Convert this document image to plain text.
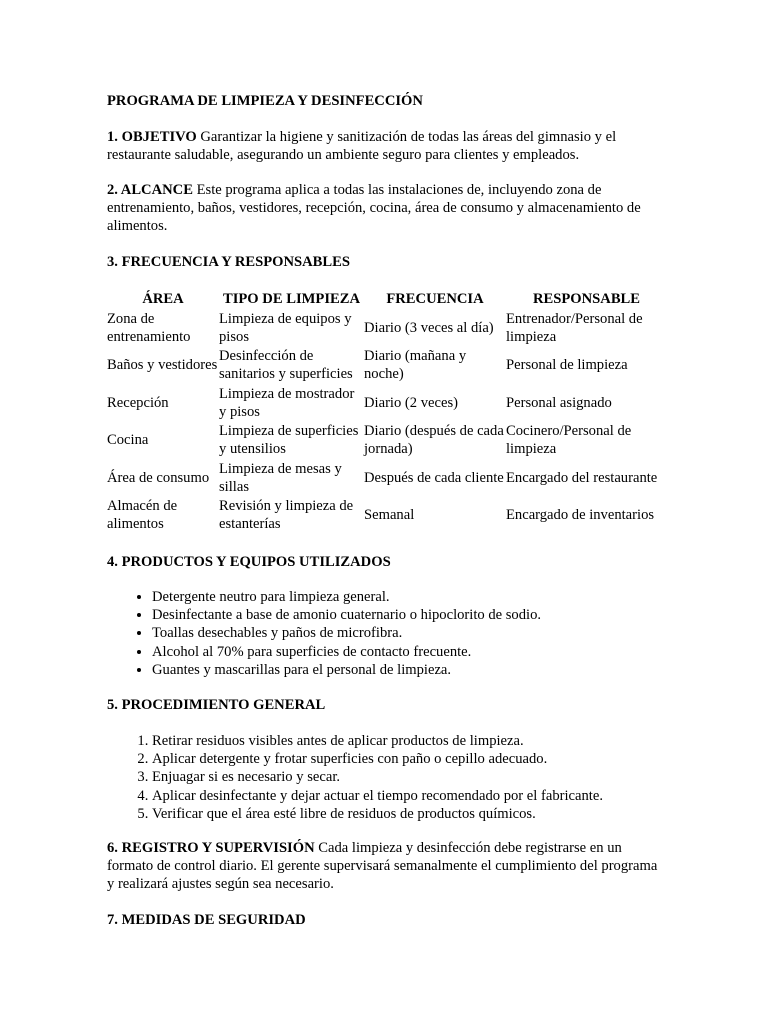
PROGRAMA DE LIMPIEZA Y DESINFECCIÓN

1. OBJETIVO Garantizar la higiene y sanitización de todas las áreas del gimnasio y el restaurante saludable, asegurando un ambiente seguro para clientes y empleados.

2. ALCANCE Este programa aplica a todas las instalaciones de, incluyendo zona de entrenamiento, baños, vestidores, recepción, cocina, área de consumo y almacenamiento de alimentos.

3. FRECUENCIA Y RESPONSABLES

ÁREA	TIPO DE LIMPIEZA	FRECUENCIA	RESPONSABLE
Zona de entrenamiento	Limpieza de equipos y pisos	Diario (3 veces al día)	Entrenador/Personal de limpieza
Baños y vestidores	Desinfección de sanitarios y superficies	Diario (mañana y noche)	Personal de limpieza
Recepción	Limpieza de mostrador y pisos	Diario (2 veces)	Personal asignado
Cocina	Limpieza de superficies y utensilios	Diario (después de cada jornada)	Cocinero/Personal de limpieza
Área de consumo	Limpieza de mesas y sillas	Después de cada cliente	Encargado del restaurante
Almacén de alimentos	Revisión y limpieza de estanterías	Semanal	Encargado de inventarios

4. PRODUCTOS Y EQUIPOS UTILIZADOS

• Detergente neutro para limpieza general.
• Desinfectante a base de amonio cuaternario o hipoclorito de sodio.
• Toallas desechables y paños de microfibra.
• Alcohol al 70% para superficies de contacto frecuente.
• Guantes y mascarillas para el personal de limpieza.

5. PROCEDIMIENTO GENERAL

1. Retirar residuos visibles antes de aplicar productos de limpieza.
2. Aplicar detergente y frotar superficies con paño o cepillo adecuado.
3. Enjuagar si es necesario y secar.
4. Aplicar desinfectante y dejar actuar el tiempo recomendado por el fabricante.
5. Verificar que el área esté libre de residuos de productos químicos.

6. REGISTRO Y SUPERVISIÓN Cada limpieza y desinfección debe registrarse en un formato de control diario. El gerente supervisará semanalmente el cumplimiento del programa y realizará ajustes según sea necesario.

7. MEDIDAS DE SEGURIDAD
